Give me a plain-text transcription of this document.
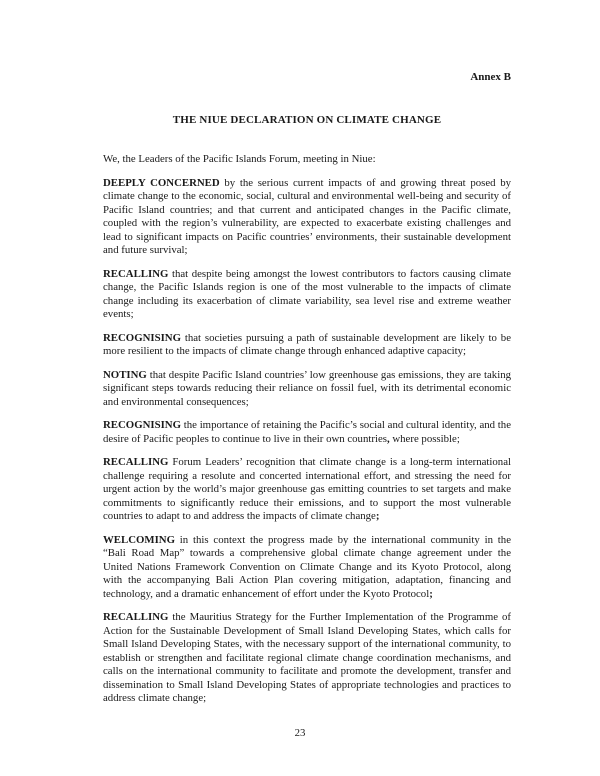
Annex B
THE NIUE DECLARATION ON CLIMATE CHANGE
We, the Leaders of the Pacific Islands Forum, meeting in Niue:

DEEPLY CONCERNED by the serious current impacts of and growing threat posed by climate change to the economic, social, cultural and environmental well-being and security of Pacific Island countries; and that current and anticipated changes in the Pacific climate, coupled with the region’s vulnerability, are expected to exacerbate existing challenges and lead to significant impacts on Pacific countries’ environments, their sustainable development and future survival;

RECALLING that despite being amongst the lowest contributors to factors causing climate change, the Pacific Islands region is one of the most vulnerable to the impacts of climate change including its exacerbation of climate variability, sea level rise and extreme weather events;

RECOGNISING that societies pursuing a path of sustainable development are likely to be more resilient to the impacts of climate change through enhanced adaptive capacity;

NOTING that despite Pacific Island countries’ low greenhouse gas emissions, they are taking significant steps towards reducing their reliance on fossil fuel, with its detrimental economic and environmental consequences;

RECOGNISING the importance of retaining the Pacific’s social and cultural identity, and the desire of Pacific peoples to continue to live in their own countries, where possible;

RECALLING Forum Leaders’ recognition that climate change is a long-term international challenge requiring a resolute and concerted international effort, and stressing the need for urgent action by the world’s major greenhouse gas emitting countries to set targets and make commitments to significantly reduce their emissions, and to support the most vulnerable countries to adapt to and address the impacts of climate change;

WELCOMING in this context the progress made by the international community in the “Bali Road Map” towards a comprehensive global climate change agreement under the United Nations Framework Convention on Climate Change and its Kyoto Protocol, along with the accompanying Bali Action Plan covering mitigation, adaptation, financing and technology, and a dramatic enhancement of effort under the Kyoto Protocol;

RECALLING the Mauritius Strategy for the Further Implementation of the Programme of Action for the Sustainable Development of Small Island Developing States, which calls for Small Island Developing States, with the necessary support of the international community, to establish or strengthen and facilitate regional climate change coordination mechanisms, and calls on the international community to facilitate and promote the development, transfer and dissemination to Small Island Developing States of appropriate technologies and practices to address climate change;

23
